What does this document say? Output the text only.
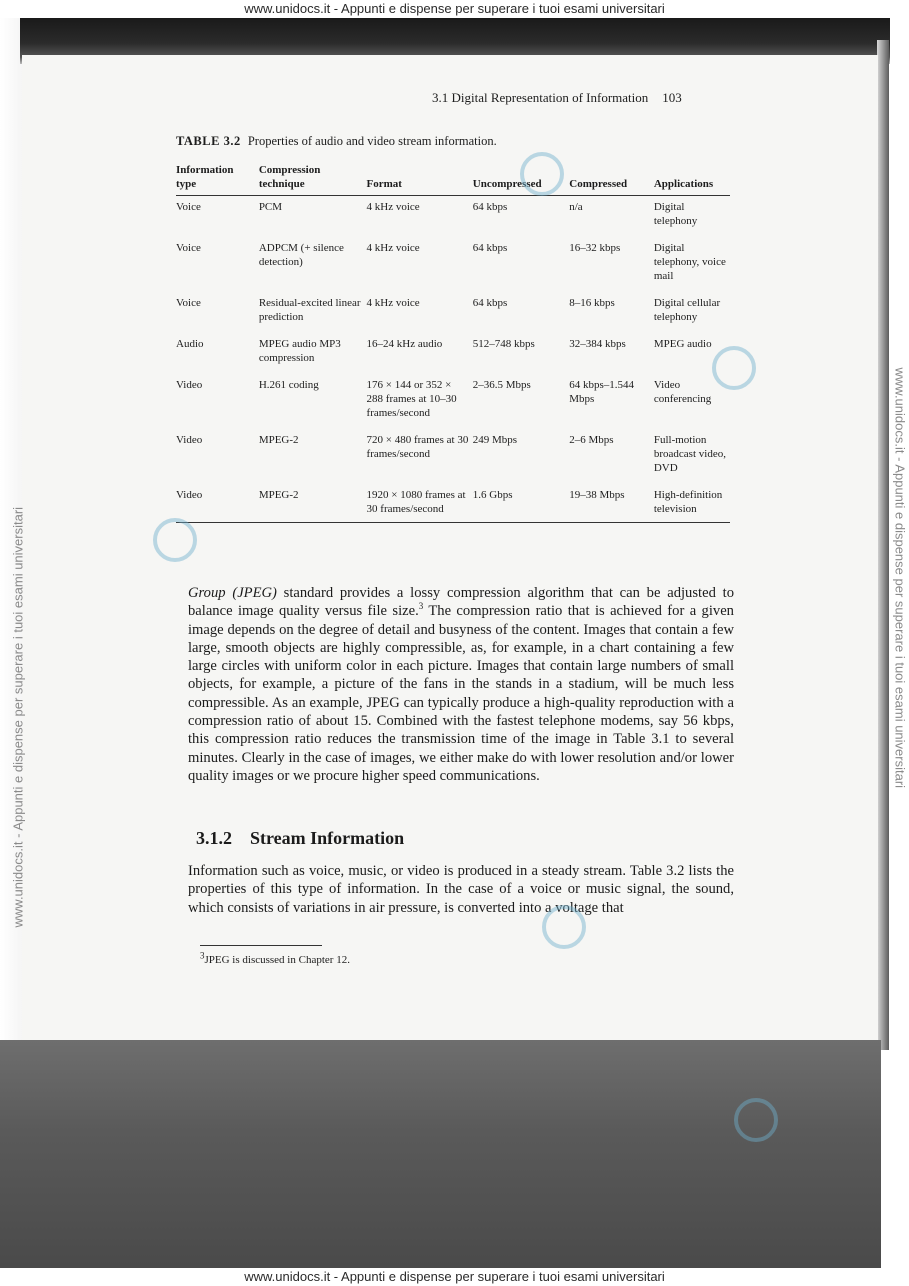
www.unidocs.it - Appunti e dispense per superare i tuoi esami universitari
www.unidocs.it - Appunti e dispense per superare i tuoi esami universitari	www.unidocs.it - Appunti e dispense per superare i tuoi esami universitari
3.1 Digital Representation of Information 103
TABLE 3.2 Properties of audio and video stream information.
Information type	Compression technique	Format	Uncompressed	Compressed	Applications
Voice	PCM	4 kHz voice	64 kbps	n/a	Digital telephony
Voice	ADPCM (+ silence detection)	4 kHz voice	64 kbps	16–32 kbps	Digital telephony, voice mail
Voice	Residual-excited linear prediction	4 kHz voice	64 kbps	8–16 kbps	Digital cellular telephony
Audio	MPEG audio MP3 compression	16–24 kHz audio	512–748 kbps	32–384 kbps	MPEG audio
Video	H.261 coding	176 × 144 or 352 × 288 frames at 10–30 frames/second	2–36.5 Mbps	64 kbps–1.544 Mbps	Video conferencing
Video	MPEG-2	720 × 480 frames at 30 frames/second	249 Mbps	2–6 Mbps	Full-motion broadcast video, DVD
Video	MPEG-2	1920 × 1080 frames at 30 frames/second	1.6 Gbps	19–38 Mbps	High-definition television
Group (JPEG) standard provides a lossy compression algorithm that can be adjusted to balance image quality versus file size.$^3$ The compression ratio that is achieved for a given image depends on the degree of detail and busyness of the content. Images that contain a few large, smooth objects are highly compressible, as, for example, in a chart containing a few large circles with uniform color in each picture. Images that contain large numbers of small objects, for example, a picture of the fans in the stands in a stadium, will be much less compressible. As an example, JPEG can typically produce a high-quality reproduction with a compression ratio of about 15. Combined with the fastest telephone modems, say 56 kbps, this compression ratio reduces the transmission time of the image in Table 3.1 to several minutes. Clearly in the case of images, we either make do with lower resolution and/or lower quality images or we procure higher speed communications.
3.1.2 Stream Information
Information such as voice, music, or video is produced in a steady stream. Table 3.2 lists the properties of this type of information. In the case of a voice or music signal, the sound, which consists of variations in air pressure, is converted into a voltage that
$^3$JPEG is discussed in Chapter 12.
www.unidocs.it - Appunti e dispense per superare i tuoi esami universitari
